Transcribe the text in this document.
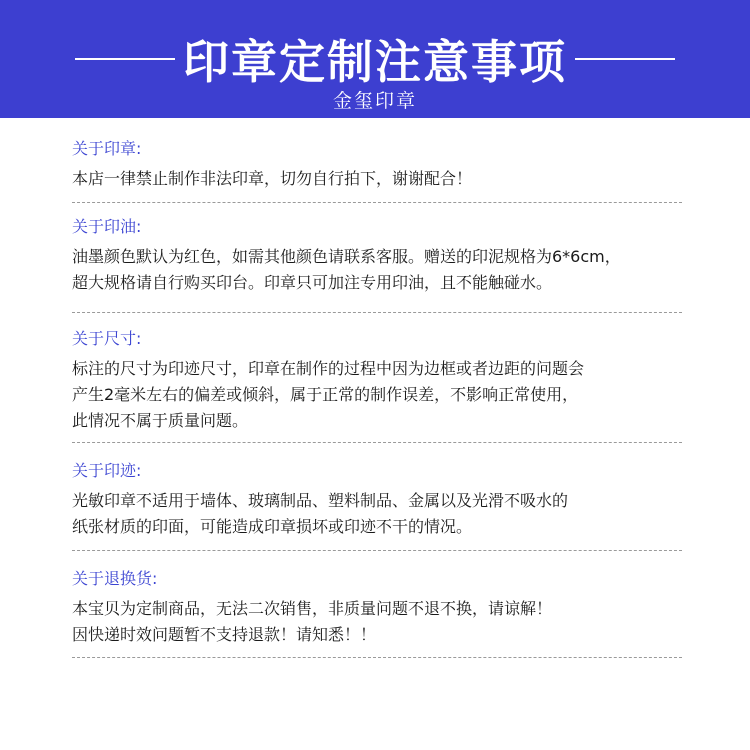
印章定制注意事项
金玺印章
关于印章:
本店一律禁止制作非法印章，切勿自行拍下，谢谢配合！
关于印油:
油墨颜色默认为红色，如需其他颜色请联系客服。赠送的印泥规格为6*6cm，
超大规格请自行购买印台。印章只可加注专用印油，且不能触碰水。
关于尺寸:
标注的尺寸为印迹尺寸，印章在制作的过程中因为边框或者边距的问题会
产生2毫米左右的偏差或倾斜，属于正常的制作误差，不影响正常使用，
此情况不属于质量问题。
关于印迹:
光敏印章不适用于墙体、玻璃制品、塑料制品、金属以及光滑不吸水的
纸张材质的印面，可能造成印章损坏或印迹不干的情况。
关于退换货:
本宝贝为定制商品，无法二次销售，非质量问题不退不换，请谅解！
因快递时效问题暂不支持退款！请知悉！！
